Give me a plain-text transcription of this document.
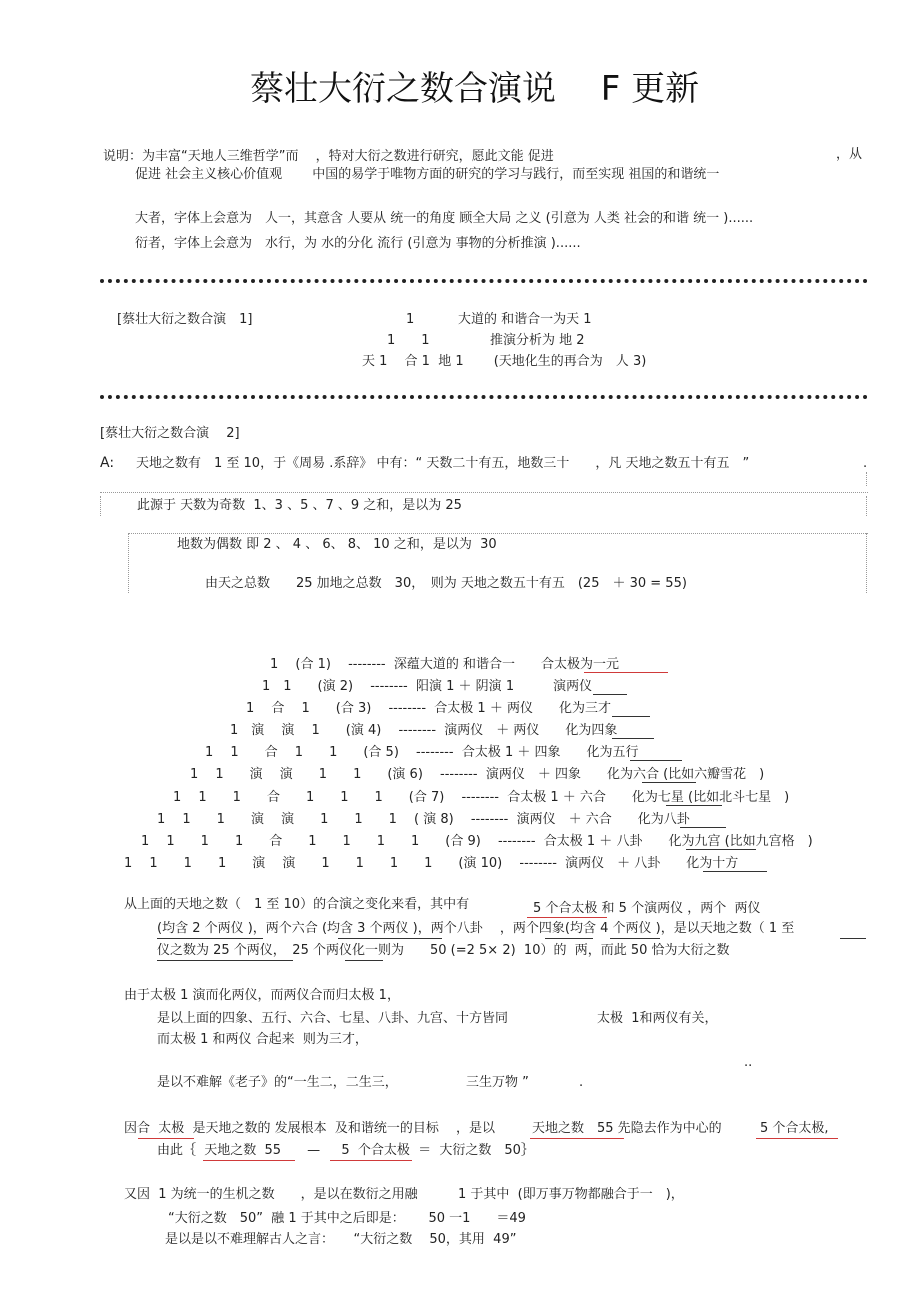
蔡壮大衍之数合演说　 F 更新
说明：为丰富“天地人三维哲学”而　 ，特对大衍之数进行研究，愿此文能 促进	，从
促进 社会主义核心价值观　　 中国的易学于唯物方面的研究的学习与践行，而至实现 祖国的和谐统一
大者，字体上会意为　人一，其意含 人要从 统一的角度 顾全大局 之义 (引意为 人类 社会的和谐 统一 )......
衍者，字体上会意为　水行，为 水的分化 流行 (引意为 事物的分析推演 )......
[蔡壮大衍之数合演　1]	1	大道的 和谐合一为天 1
1　　1	推演分析为 地 2
天 1　 合 1  地 1　　 (天地化生的再合为　人 3)
[蔡壮大衍之数合演　 2]
A: 天地之数有　1 至 10，于《周易 .系辞》 中有：“ 天数二十有五，地数三十　　，凡 天地之数五十有五　”	.
此源于 天数为奇数  1、3 、5 、7 、9 之和，是以为 25
地数为偶数 即 2 、 4 、 6、 8、 10 之和，是以为  30
由天之总数　　25 加地之总数　30，　则为 天地之数五十有五　(25　＋ 30 = 55)
1　 (合 1)　 --------  深蕴大道的 和谐合一　　合太极为一元
1　1　　(演 2)　 --------  阳演 1 ＋ 阴演 1　　　演两仪
1　 合　 1　　(合 3)　 --------  合太极 1 ＋ 两仪　　化为三才
1　演　 演　 1　　(演 4)　 --------  演两仪　＋ 两仪　　化为四象
1　 1　　合　 1　　1　　(合 5)　 --------  合太极 1 ＋ 四象　　化为五行
1　 1　　演　 演　　1　　1　　(演 6)　 --------  演两仪　＋ 四象　　化为六合 (比如六瓣雪花　)
1　 1　　1　　合　　1　　1　　1　　(合 7)　 --------  合太极 1 ＋ 六合　　化为七星 (比如北斗七星　)
1　 1　　1　　演　 演　　1　　1　　1　 ( 演 8)　 --------  演两仪　＋ 六合　　化为八卦
1　 1　　1　　1　　合　　1　　1　　1　　1　　(合 9)　 --------  合太极 1 ＋ 八卦　　化为九宫 (比如九宫格　)
1　 1　　1　　1　　演　 演　　1　　1　　1　　1　　(演 10)　 --------  演两仪　＋ 八卦　　化为十方
从上面的天地之数（　1 至 10）的合演之变化来看，其中有	5 个合太极 和 5 个演两仪 ，两个  两仪
(均含 2 个两仪 )，两个六合 (均含 3 个两仪 )，两个八卦　 ，两个四象(均含 4 个两仪 )，是以天地之数（ 1 至
仪之数为 25 个两仪，　25 个两仪化一则为　　50 (=2 5× 2)  10）的  两，而此 50 恰为大衍之数
由于太极 1 演而化两仪，而两仪合而归太极 1，
是以上面的四象、五行、六合、七星、八卦、九宫、十方皆同	太极  1和两仪有关，
而太极 1 和两仪 合起来  则为三才，
..
是以不难解《老子》的“一生二，二生三，	三生万物 ”	.
因合  太极  是天地之数的 发展根本  及和谐统一的目标　 ，是以	天地之数　55 先隐去作为中心的	5 个合太极,
由此｛  天地之数  55　　—　  5  个合太极  ＝  大衍之数　50｝
又因  1 为统一的生机之数　　，是以在数衍之用融	1 于其中  (即万事万物都融合于一　)，
“大衍之数　50”  融 1 于其中之后即是：　　 50 一1　　＝49
是以是以不难理解古人之言：　　“大衍之数　 50，其用  49”
